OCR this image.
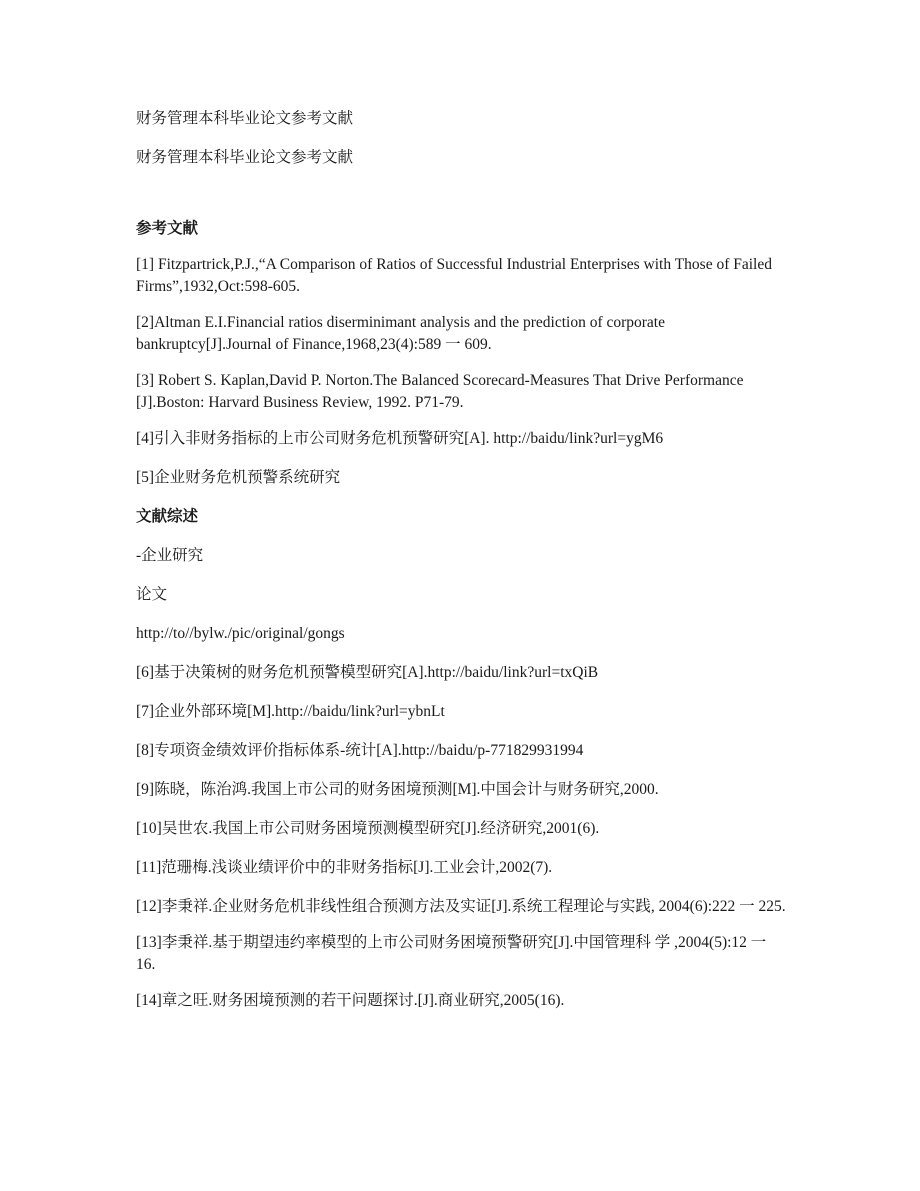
财务管理本科毕业论文参考文献

财务管理本科毕业论文参考文献

参考文献

[1] Fitzpartrick,P.J.,“A Comparison of Ratios of Successful Industrial Enterprises with Those of Failed Firms”,1932,Oct:598-605.

[2]Altman E.I.Financial ratios diserminimant analysis and the prediction of corporate bankruptcy[J].Journal of Finance,1968,23(4):589 一 609.

[3] Robert S. Kaplan,David P. Norton.The Balanced Scorecard-Measures That Drive Performance [J].Boston: Harvard Business Review, 1992. P71-79.

[4]引入非财务指标的上市公司财务危机预警研究[A]. http://baidu/link?url=ygM6

[5]企业财务危机预警系统研究

文献综述

-企业研究

论文

http://to//bylw./pic/original/gongs

[6]基于决策树的财务危机预警模型研究[A].http://baidu/link?url=txQiB

[7]企业外部环境[M].http://baidu/link?url=ybnLt

[8]专项资金绩效评价指标体系-统计[A].http://baidu/p-771829931994

[9]陈晓，陈治鸿.我国上市公司的财务困境预测[M].中国会计与财务研究,2000.

[10]吴世农.我国上市公司财务困境预测模型研究[J].经济研究,2001(6).

[11]范珊梅.浅谈业绩评价中的非财务指标[J].工业会计,2002(7).

[12]李秉祥.企业财务危机非线性组合预测方法及实证[J].系统工程理论与实践, 2004(6):222 一 225.

[13]李秉祥.基于期望违约率模型的上市公司财务困境预警研究[J].中国管理科 学 ,2004(5):12 一 16.

[14]章之旺.财务困境预测的若干问题探讨.[J].商业研究,2005(16).
